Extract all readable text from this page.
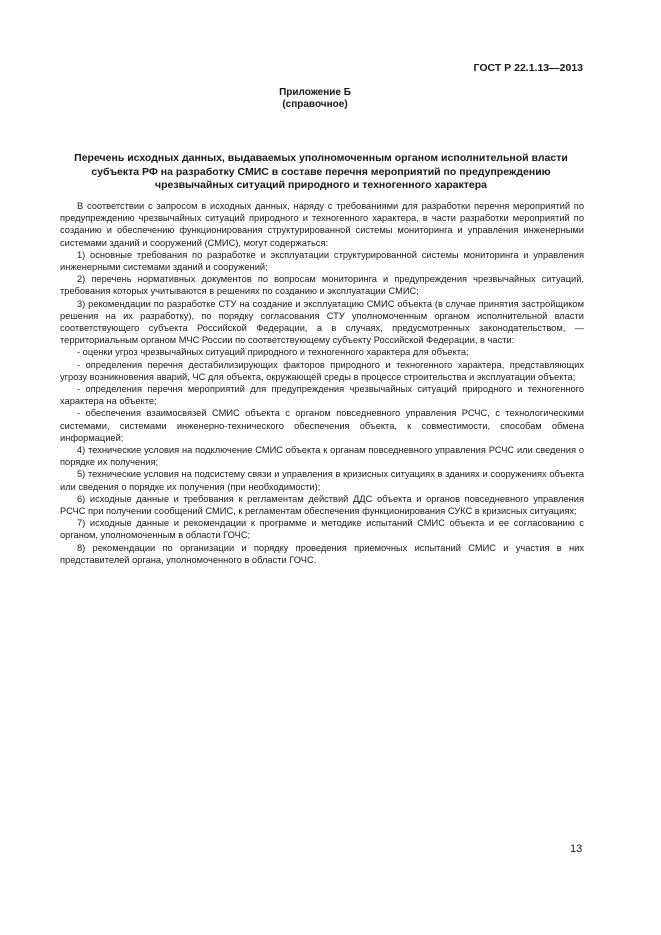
ГОСТ Р 22.1.13—2013
Приложение Б
(справочное)
Перечень исходных данных, выдаваемых уполномоченным органом исполнительной власти субъекта РФ на разработку СМИС в составе перечня мероприятий по предупреждению чрезвычайных ситуаций природного и техногенного характера

В соответствии с запросом в исходных данных, наряду с требованиями для разработки перечня мероприятий по предупреждению чрезвычайных ситуаций природного и техногенного характера, в части разработки мероприятий по созданию и обеспечению функционирования структурированной системы мониторинга и управления инженерными системами зданий и сооружений (СМИС), могут содержаться:

1) основные требования по разработке и эксплуатации структурированной системы мониторинга и управления инженерными системами зданий и сооружений;

2) перечень нормативных документов по вопросам мониторинга и предупреждения чрезвычайных ситуаций, требования которых учитываются в решениях по созданию и эксплуатации СМИС;

3) рекомендации по разработке СТУ на создание и эксплуатацию СМИС объекта (в случае принятия застройщиком решения на их разработку), по порядку согласования СТУ уполномоченным органом исполнительной власти соответствующего субъекта Российской Федерации, а в случаях, предусмотренных законодательством, — территориальным органом МЧС России по соответствующему субъекту Российской Федерации, в части:

- оценки угроз чрезвычайных ситуаций природного и техногенного характера для объекта;

- определения перечня дестабилизирующих факторов природного и техногенного характера, представляющих угрозу возникновения аварий, ЧС для объекта, окружающей среды в процессе строительства и эксплуатации объекта;

- определения перечня мероприятий для предупреждения чрезвычайных ситуаций природного и техногенного характера на объекте;

- обеспечения взаимосвязей СМИС объекта с органом повседневного управления РСЧС, с технологическими системами, системами инженерно-технического обеспечения объекта, к совместимости, способам обмена информацией;

4) технические условия на подключение СМИС объекта к органам повседневного управления РСЧС или сведения о порядке их получения;

5) технические условия на подсистему связи и управления в кризисных ситуациях в зданиях и сооружениях объекта или сведения о порядке их получения (при необходимости);

6) исходные данные и требования к регламентам действий ДДС объекта и органов повседневного управления РСЧС при получении сообщений СМИС, к регламентам обеспечения функционирования СУКС в кризисных ситуациях;

7) исходные данные и рекомендации к программе и методике испытаний СМИС объекта и ее согласованию с органом, уполномоченным в области ГОЧС;

8) рекомендации по организации и порядку проведения приемочных испытаний СМИС и участия в них представителей органа, уполномоченного в области ГОЧС.

13
